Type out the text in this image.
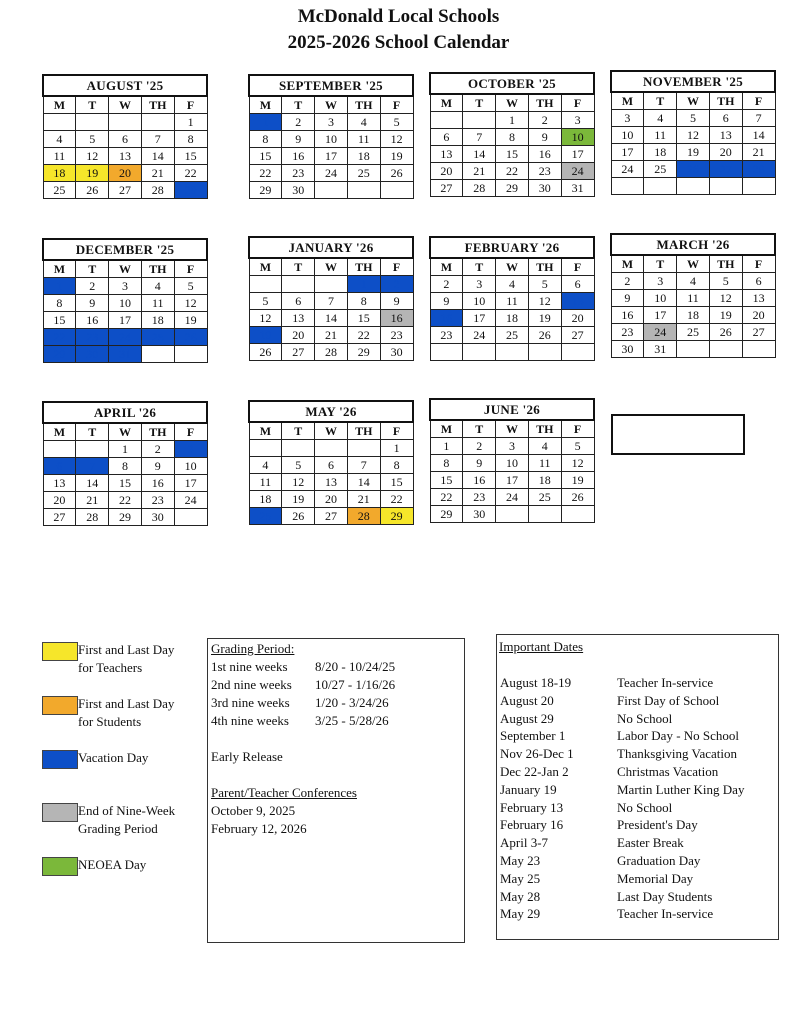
McDonald Local Schools
2025-2026 School Calendar
AUGUST '25				
M	T	W	TH	F
				1
4	5	6	7	8
11	12	13	14	15
18	19	20	21	22
25	26	27	28	29
SEPTEMBER '25				
M	T	W	TH	F
1	2	3	4	5
8	9	10	11	12
15	16	17	18	19
22	23	24	25	26
29	30			
OCTOBER '25				
M	T	W	TH	F
		1	2	3
6	7	8	9	10
13	14	15	16	17
20	21	22	23	24
27	28	29	30	31
NOVEMBER '25				
M	T	W	TH	F
3	4	5	6	7
10	11	12	13	14
17	18	19	20	21
24	25	26	27	28

DECEMBER '25				
M	T	W	TH	F
1	2	3	4	5
8	9	10	11	12
15	16	17	18	19
22	23	24	25	26
29	30	31		
JANUARY '26				
M	T	W	TH	F
			1	2
5	6	7	8	9
12	13	14	15	16
19	20	21	22	23
26	27	28	29	30
FEBRUARY '26				
M	T	W	TH	F
2	3	4	5	6
9	10	11	12	13
16	17	18	19	20
23	24	25	26	27

MARCH '26				
M	T	W	TH	F
2	3	4	5	6
9	10	11	12	13
16	17	18	19	20
23	24	25	26	27
30	31			
APRIL '26				
M	T	W	TH	F
		1	2	3
6	7	8	9	10
13	14	15	16	17
20	21	22	23	24
27	28	29	30	
MAY '26				
M	T	W	TH	F
				1
4	5	6	7	8
11	12	13	14	15
18	19	20	21	22
25	26	27	28	29
JUNE '26				
M	T	W	TH	F
1	2	3	4	5
8	9	10	11	12
15	16	17	18	19
22	23	24	25	26
29	30			
First and Last Day
for Teachers
First and Last Day
for Students
Vacation Day
End of Nine-Week
Grading Period
NEOEA Day
Grading Period:
1st nine weeks 8/20 - 10/24/25
2nd nine weeks 10/27 - 1/16/26
3rd nine weeks 1/20 - 3/24/26
4th nine weeks 3/25 - 5/28/26
Early Release
Parent/Teacher Conferences
October 9, 2025
February 12, 2026
Important Dates
August 18-19	Teacher In-service
August 20	First Day of School
August 29	No School
September 1	Labor Day - No School
Nov 26-Dec 1	Thanksgiving Vacation
Dec 22-Jan 2	Christmas Vacation
January 19	Martin Luther King Day
February 13	No School
February 16	President's Day
April 3-7	Easter Break
May 23	Graduation Day
May 25	Memorial Day
May 28	Last Day Students
May 29	Teacher In-service
